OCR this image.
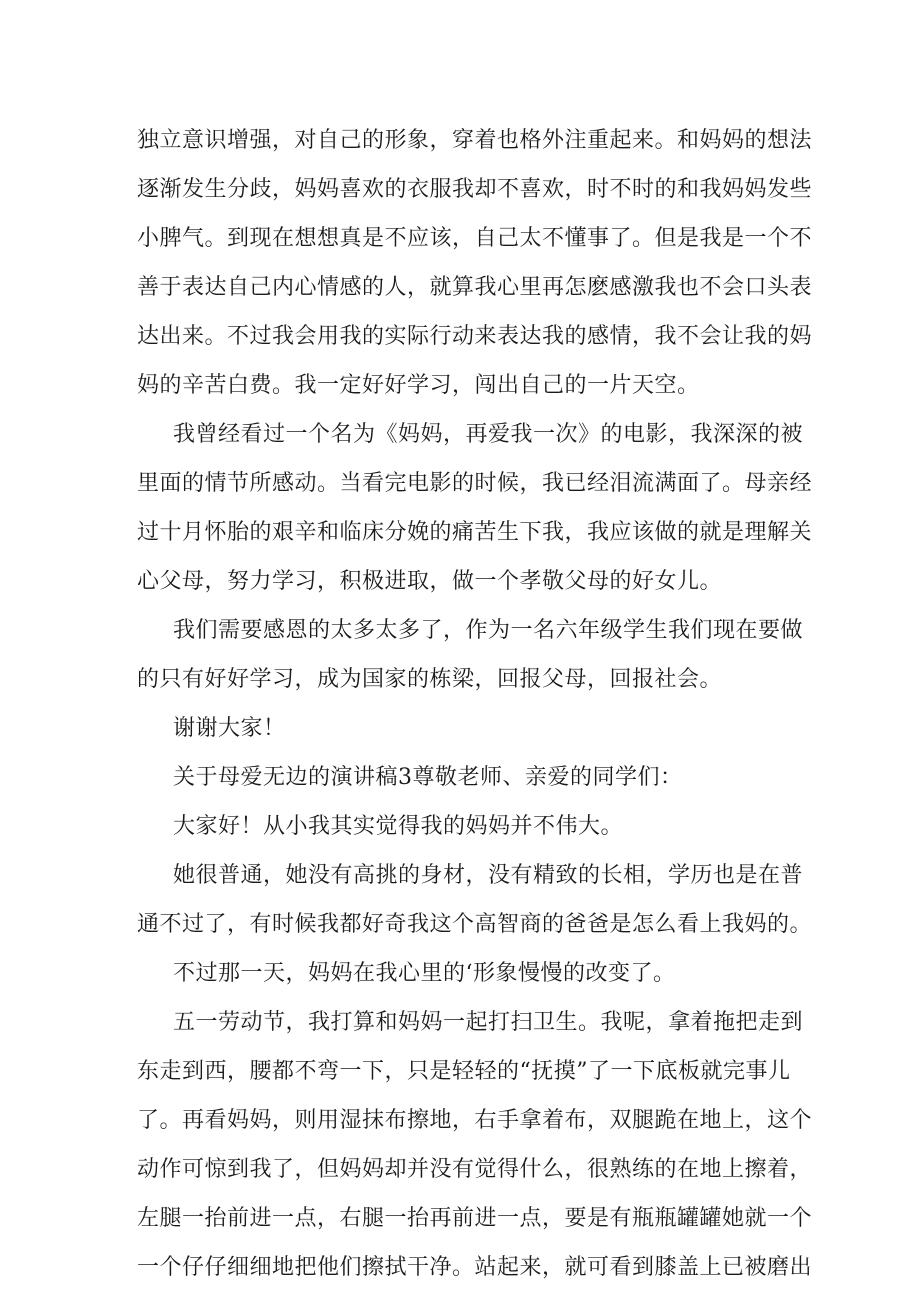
独立意识增强，对自己的形象，穿着也格外注重起来。和妈妈的想法
逐渐发生分歧，妈妈喜欢的衣服我却不喜欢，时不时的和我妈妈发些
小脾气。到现在想想真是不应该，自己太不懂事了。但是我是一个不
善于表达自己内心情感的人，就算我心里再怎麽感激我也不会口头表
达出来。不过我会用我的实际行动来表达我的感情，我不会让我的妈
妈的辛苦白费。我一定好好学习，闯出自己的一片天空。
我曾经看过一个名为《妈妈，再爱我一次》的电影，我深深的被
里面的情节所感动。当看完电影的时候，我已经泪流满面了。母亲经
过十月怀胎的艰辛和临床分娩的痛苦生下我，我应该做的就是理解关
心父母，努力学习，积极进取，做一个孝敬父母的好女儿。
我们需要感恩的太多太多了，作为一名六年级学生我们现在要做
的只有好好学习，成为国家的栋梁，回报父母，回报社会。
谢谢大家！
关于母爱无边的演讲稿3尊敬老师、亲爱的同学们：
大家好！从小我其实觉得我的妈妈并不伟大。
她很普通，她没有高挑的身材，没有精致的长相，学历也是在普
通不过了，有时候我都好奇我这个高智商的爸爸是怎么看上我妈的。
不过那一天，妈妈在我心里的‘形象慢慢的改变了。
五一劳动节，我打算和妈妈一起打扫卫生。我呢，拿着拖把走到
东走到西，腰都不弯一下，只是轻轻的“抚摸”了一下底板就完事儿
了。再看妈妈，则用湿抹布擦地，右手拿着布，双腿跪在地上，这个
动作可惊到我了，但妈妈却并没有觉得什么，很熟练的在地上擦着，
左腿一抬前进一点，右腿一抬再前进一点，要是有瓶瓶罐罐她就一个
一个仔仔细细地把他们擦拭干净。站起来，就可看到膝盖上已被磨出
